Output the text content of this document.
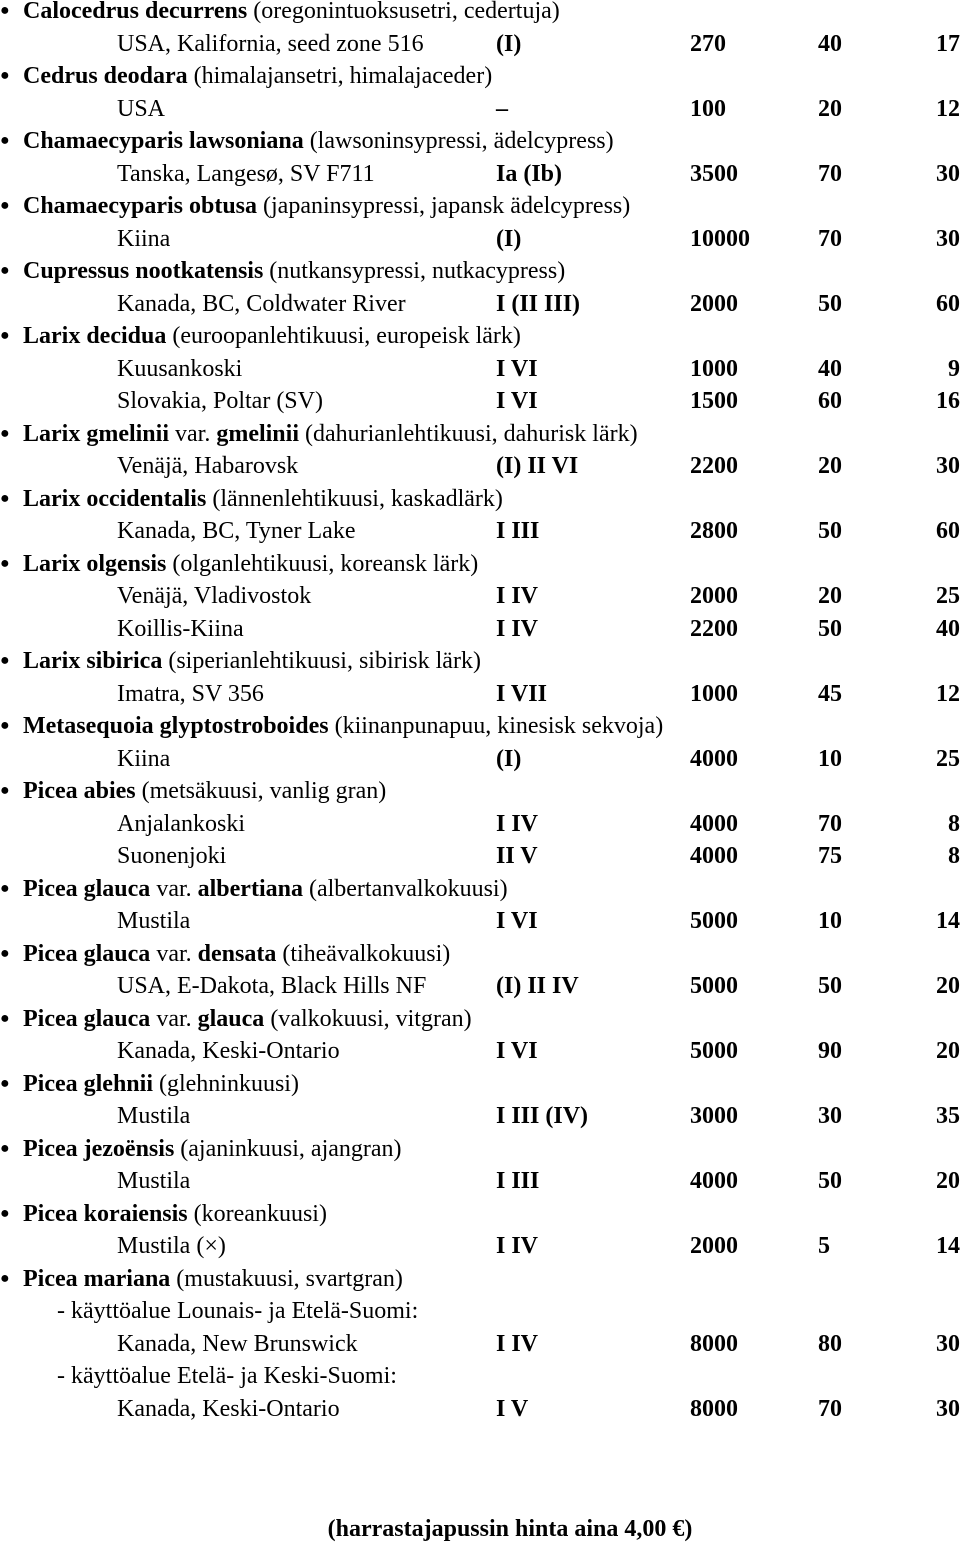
● Calocedrus decurrens (oregonintuoksusetri, cedertuja)
USA, Kalifornia, seed zone 516	(I)	270	40	17
● Cedrus deodara (himalajansetri, himalajaceder)
USA	–	100	20	12
● Chamaecyparis lawsoniana (lawsoninsypressi, ädelcypress)
Tanska, Langesø, SV F711	Ia (Ib)	3500	70	30
● Chamaecyparis obtusa (japaninsypressi, japansk ädelcypress)
Kiina	(I)	10000	70	30
● Cupressus nootkatensis (nutkansypressi, nutkacypress)
Kanada, BC, Coldwater River	I (II III)	2000	50	60
● Larix decidua (euroopanlehtikuusi, europeisk lärk)
Kuusankoski	I VI	1000	40	9
Slovakia, Poltar (SV)	I VI	1500	60	16
● Larix gmelinii var. gmelinii (dahurianlehtikuusi, dahurisk lärk)
Venäjä, Habarovsk	(I) II VI	2200	20	30
● Larix occidentalis (lännenlehtikuusi, kaskadlärk)
Kanada, BC, Tyner Lake	I III	2800	50	60
● Larix olgensis (olganlehtikuusi, koreansk lärk)
Venäjä, Vladivostok	I IV	2000	20	25
Koillis-Kiina	I IV	2200	50	40
● Larix sibirica (siperianlehtikuusi, sibirisk lärk)
Imatra, SV 356	I VII	1000	45	12
● Metasequoia glyptostroboides (kiinanpunapuu, kinesisk sekvoja)
Kiina	(I)	4000	10	25
● Picea abies (metsäkuusi, vanlig gran)
Anjalankoski	I IV	4000	70	8
Suonenjoki	II V	4000	75	8
● Picea glauca var. albertiana (albertanvalkokuusi)
Mustila	I VI	5000	10	14
● Picea glauca var. densata (tiheävalkokuusi)
USA, E-Dakota, Black Hills NF	(I) II IV	5000	50	20
● Picea glauca var. glauca (valkokuusi, vitgran)
Kanada, Keski-Ontario	I VI	5000	90	20
● Picea glehnii (glehninkuusi)
Mustila	I III (IV)	3000	30	35
● Picea jezoënsis (ajaninkuusi, ajangran)
Mustila	I III	4000	50	20
● Picea koraiensis (koreankuusi)
Mustila (×)	I IV	2000	5	14
● Picea mariana (mustakuusi, svartgran)
- käyttöalue Lounais- ja Etelä-Suomi:
Kanada, New Brunswick	I IV	8000	80	30
- käyttöalue Etelä- ja Keski-Suomi:
Kanada, Keski-Ontario	I V	8000	70	30
(harrastajapussin hinta aina 4,00 €)
